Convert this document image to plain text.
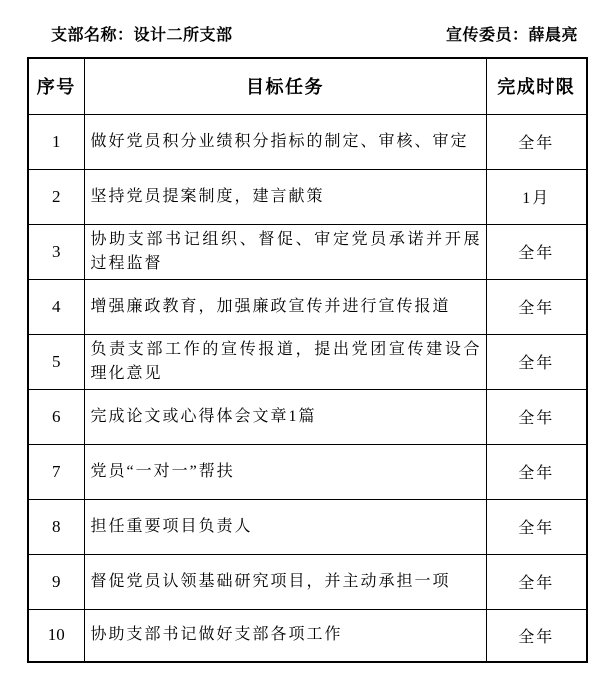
支部名称：设计二所支部	宣传委员：薛晨亮
序号	目标任务	完成时限
1	做好党员积分业绩积分指标的制定、审核、审定	全年
2	坚持党员提案制度，建言献策	1月
3	协助支部书记组织、督促、审定党员承诺并开展过程监督	全年
4	增强廉政教育，加强廉政宣传并进行宣传报道	全年
5	负责支部工作的宣传报道，提出党团宣传建设合理化意见	全年
6	完成论文或心得体会文章1篇	全年
7	党员“一对一”帮扶	全年
8	担任重要项目负责人	全年
9	督促党员认领基础研究项目，并主动承担一项	全年
10	协助支部书记做好支部各项工作	全年
